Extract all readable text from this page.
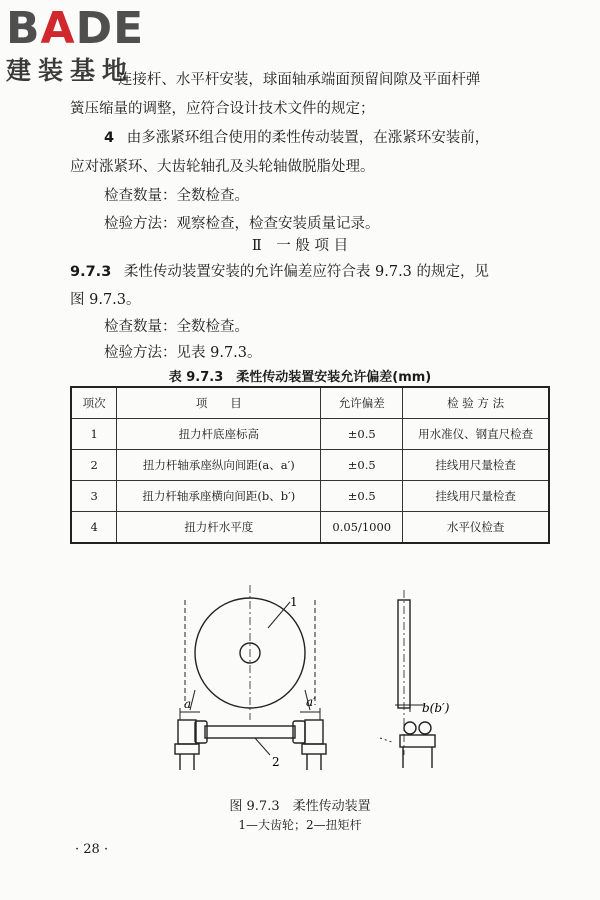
BADE
建装基地
连接杆、水平杆安装，球面轴承端面预留间隙及平面杆弹
簧压缩量的调整，应符合设计技术文件的规定；
4 由多涨紧环组合使用的柔性传动装置，在涨紧环安装前，
应对涨紧环、大齿轮轴孔及头轮轴做脱脂处理。
检查数量：全数检查。
检验方法：观察检查，检查安装质量记录。
Ⅱ　一 般 项 目
9.7.3 柔性传动装置安装的允许偏差应符合表 9.7.3 的规定，见
图 9.7.3。
检查数量：全数检查。
检验方法：见表 9.7.3。
表 9.7.3　柔性传动装置安装允许偏差(mm)
项次	项　　目	允许偏差	检 验 方 法
1	扭力杆底座标高	±0.5	用水准仪、钢直尺检查
2	扭力杆轴承座纵向间距(a、a′)	±0.5	挂线用尺量检查
3	扭力杆轴承座横向间距(b、b′)	±0.5	挂线用尺量检查
4	扭力杆水平度	0.05/1000	水平仪检查
1
2
a	a′	b(b′)
图 9.7.3　柔性传动装置
1—大齿轮；2—扭矩杆
· 28 ·
